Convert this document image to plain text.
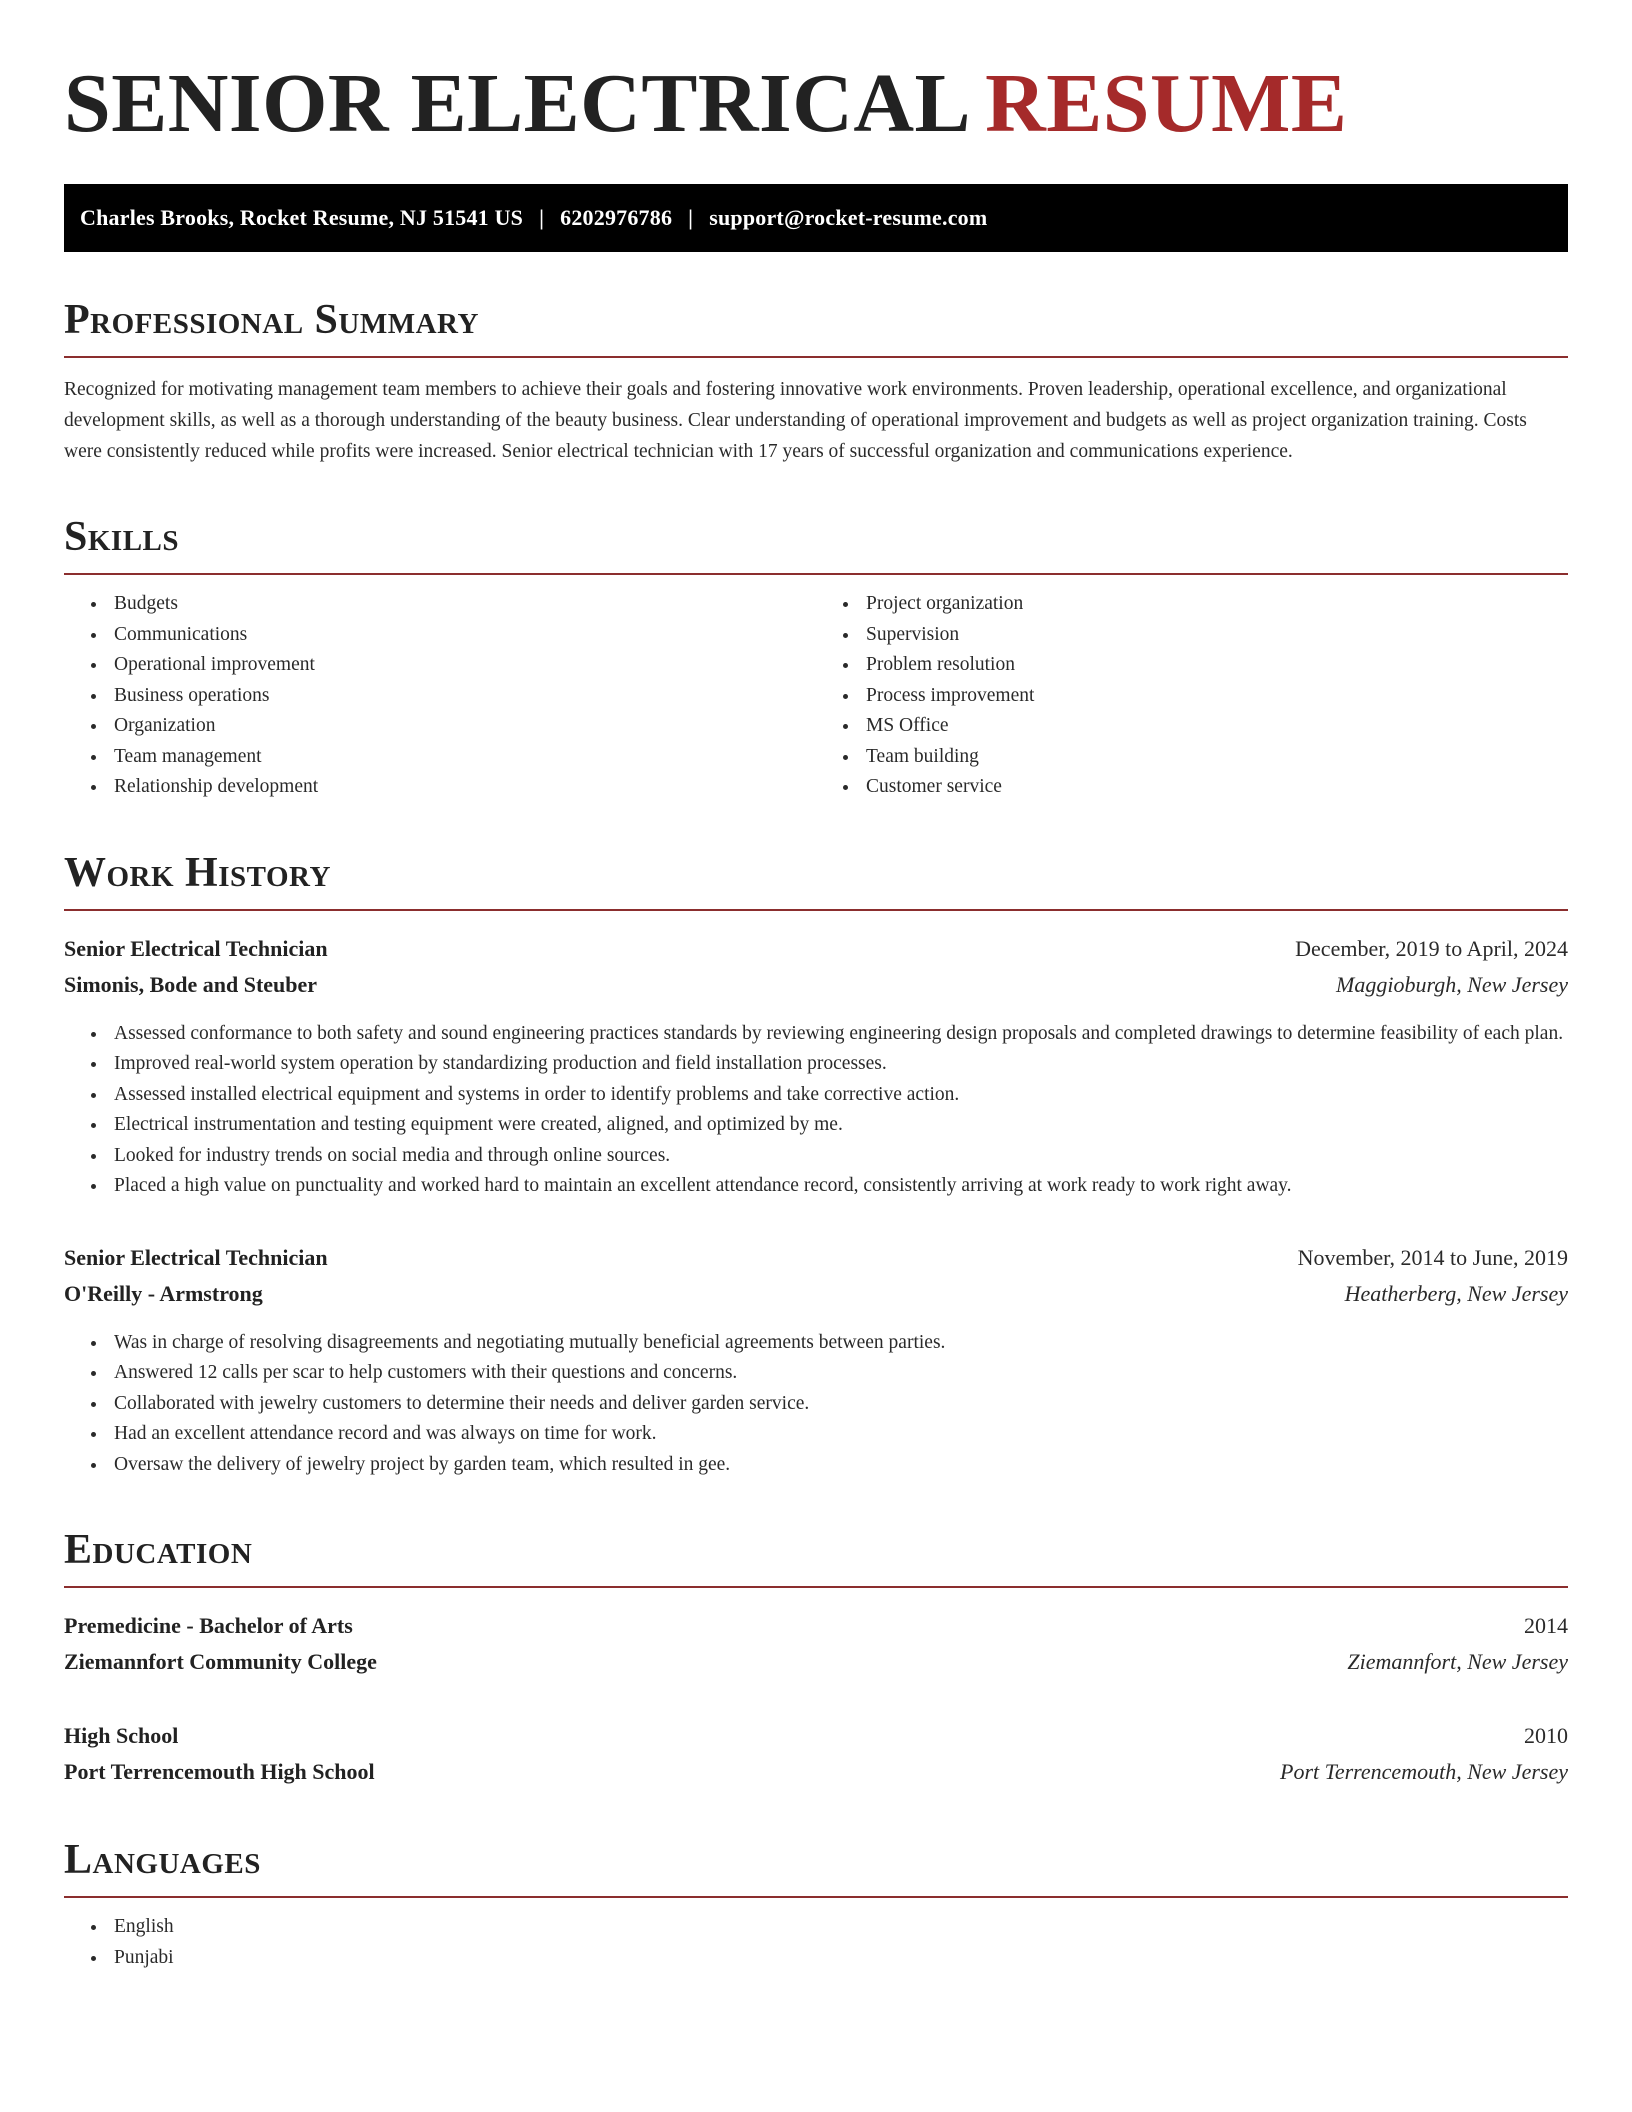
SENIOR ELECTRICAL RESUME
Charles Brooks, Rocket Resume, NJ 51541 US | 6202976786 | support@rocket-resume.com
Professional Summary

Recognized for motivating management team members to achieve their goals and fostering innovative work environments. Proven leadership, operational excellence, and organizational development skills, as well as a thorough understanding of the beauty business. Clear understanding of operational improvement and budgets as well as project organization training. Costs were consistently reduced while profits were increased. Senior electrical technician with 17 years of successful organization and communications experience.

Skills
• Budgets
• Communications
• Operational improvement
• Business operations
• Organization
• Team management
• Relationship development
• Project organization
• Supervision
• Problem resolution
• Process improvement
• MS Office
• Team building
• Customer service
Work History
Senior Electrical Technician	December, 2019 to April, 2024
Simonis, Bode and Steuber	Maggioburgh, New Jersey
• Assessed conformance to both safety and sound engineering practices standards by reviewing engineering design proposals and completed drawings to determine feasibility of each plan.
• Improved real-world system operation by standardizing production and field installation processes.
• Assessed installed electrical equipment and systems in order to identify problems and take corrective action.
• Electrical instrumentation and testing equipment were created, aligned, and optimized by me.
• Looked for industry trends on social media and through online sources.
• Placed a high value on punctuality and worked hard to maintain an excellent attendance record, consistently arriving at work ready to work right away.
Senior Electrical Technician	November, 2014 to June, 2019
O'Reilly - Armstrong	Heatherberg, New Jersey
• Was in charge of resolving disagreements and negotiating mutually beneficial agreements between parties.
• Answered 12 calls per scar to help customers with their questions and concerns.
• Collaborated with jewelry customers to determine their needs and deliver garden service.
• Had an excellent attendance record and was always on time for work.
• Oversaw the delivery of jewelry project by garden team, which resulted in gee.
Education
Premedicine - Bachelor of Arts	2014
Ziemannfort Community College	Ziemannfort, New Jersey
High School	2010
Port Terrencemouth High School	Port Terrencemouth, New Jersey
Languages
• English
• Punjabi
